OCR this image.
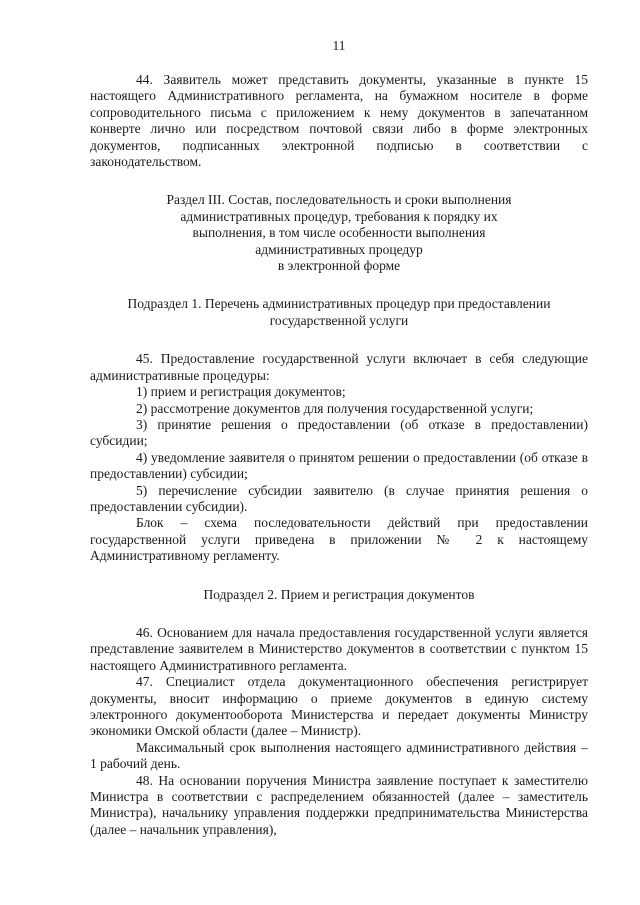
11

44. Заявитель может представить документы, указанные в пункте 15 настоящего Административного регламента, на бумажном носителе в форме сопроводительного письма с приложением к нему документов в запечатанном конверте лично или посредством почтовой связи либо в форме электронных документов, подписанных электронной подписью в соответствии с законодательством.

Раздел III. Состав, последовательность и сроки выполнения
административных процедур, требования к порядку их
выполнения, в том числе особенности выполнения
административных процедур
в электронной форме
Подраздел 1. Перечень административных процедур при предоставлении
государственной услуги

45. Предоставление государственной услуги включает в себя следующие административные процедуры:

1) прием и регистрация документов;

2) рассмотрение документов для получения государственной услуги;

3) принятие решения о предоставлении (об отказе в предоставлении) субсидии;

4) уведомление заявителя о принятом решении о предоставлении (об отказе в предоставлении) субсидии;

5) перечисление субсидии заявителю (в случае принятия решения о предоставлении субсидии).

Блок – схема последовательности действий при предоставлении государственной услуги приведена в приложении № 2 к настоящему Административному регламенту.

Подраздел 2. Прием и регистрация документов

46. Основанием для начала предоставления государственной услуги является представление заявителем в Министерство документов в соответствии с пунктом 15 настоящего Административного регламента.

47. Специалист отдела документационного обеспечения регистрирует документы, вносит информацию о приеме документов в единую систему электронного документооборота Министерства и передает документы Министру экономики Омской области (далее – Министр).

Максимальный срок выполнения настоящего административного действия – 1 рабочий день.

48. На основании поручения Министра заявление поступает к заместителю Министра в соответствии с распределением обязанностей (далее – заместитель Министра), начальнику управления поддержки предпринимательства Министерства (далее – начальник управления),
